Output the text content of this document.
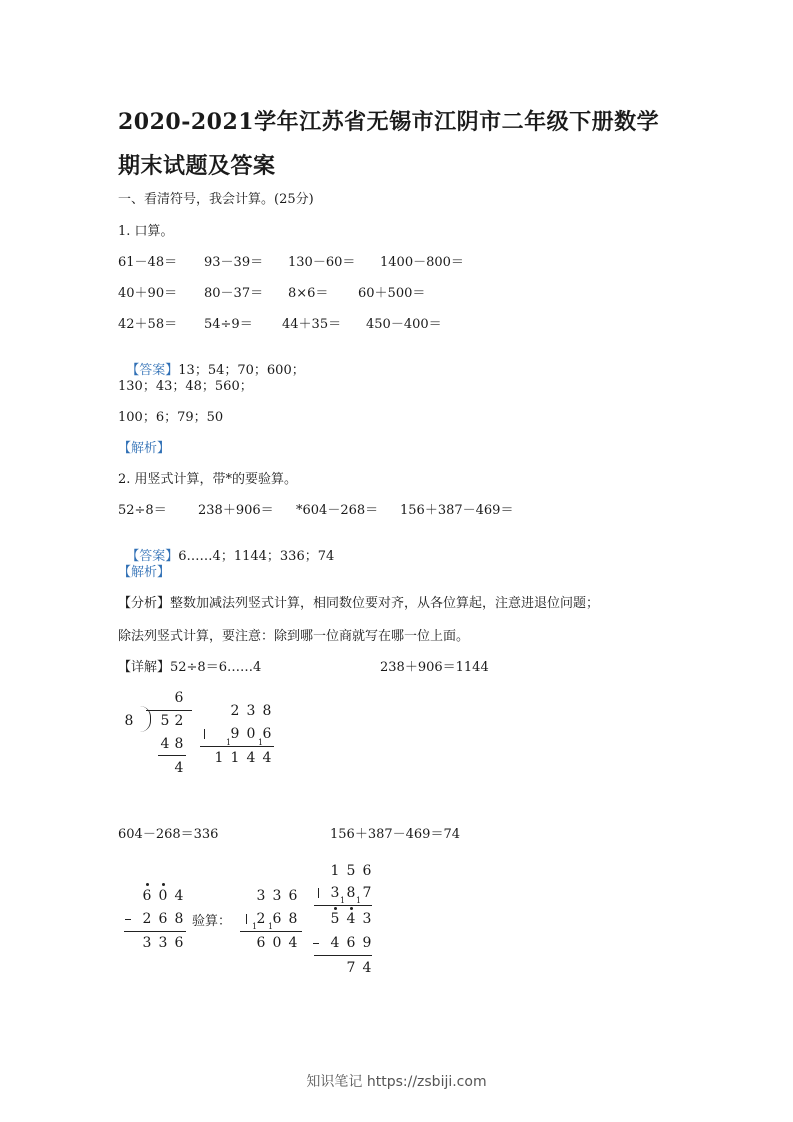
2020-2021学年江苏省无锡市江阴市二年级下册数学期末试题及答案
一、看清符号，我会计算。(25分)
1. 口算。
61－48＝ 93－39＝ 130－60＝ 1400－800＝
40＋90＝ 80－37＝ 8×6＝ 60＋500＝
42＋58＝ 54÷9＝ 44＋35＝ 450－400＝

【答案】13；54；70；600；

130；43；48；560；
100；6；79；50
【解析】
2. 用竖式计算，带*的要验算。
52÷8＝ 238＋906＝ *604－268＝ 156＋387－469＝

【答案】6……4；1144；336；74

【解析】
【分析】整数加减法列竖式计算，相同数位要对齐，从各位算起，注意进退位问题；
除法列竖式计算，要注意：除到哪一位商就写在哪一位上面。
【详解】52÷8＝6……4	238＋906＝1144
6
8 5 2
4 8
4
2 3 8
9 0 6
1	1
1 1 4 4
604－268＝336	156＋387－469＝74
6 0 4
2 6 8
3 3 6
验算：
3 3 6
2 6 8
1 1
6 0 4
1 5 6
3 8 7
1 1
5 4 3
4 6 9
7 4
知识笔记 https://zsbiji.com
